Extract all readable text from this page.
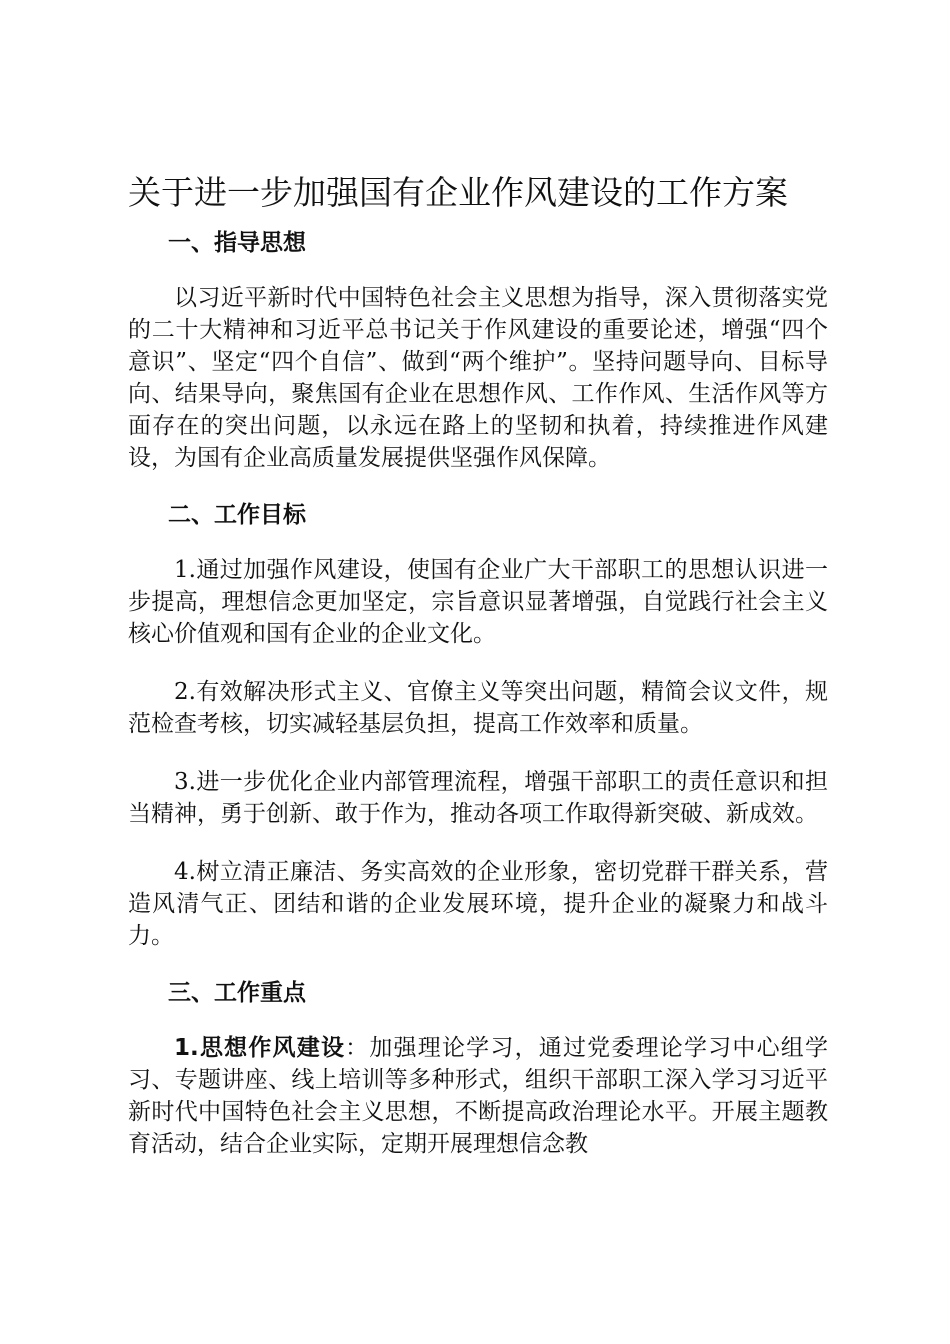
关于进一步加强国有企业作风建设的工作方案
一、指导思想

以习近平新时代中国特色社会主义思想为指导，深入贯彻落实党的二十大精神和习近平总书记关于作风建设的重要论述，增强“四个意识”、坚定“四个自信”、做到“两个维护”。坚持问题导向、目标导向、结果导向，聚焦国有企业在思想作风、工作作风、生活作风等方面存在的突出问题，以永远在路上的坚韧和执着，持续推进作风建设，为国有企业高质量发展提供坚强作风保障。

二、工作目标

1.通过加强作风建设，使国有企业广大干部职工的思想认识进一步提高，理想信念更加坚定，宗旨意识显著增强，自觉践行社会主义核心价值观和国有企业的企业文化。

2.有效解决形式主义、官僚主义等突出问题，精简会议文件，规范检查考核，切实减轻基层负担，提高工作效率和质量。

3.进一步优化企业内部管理流程，增强干部职工的责任意识和担当精神，勇于创新、敢于作为，推动各项工作取得新突破、新成效。

4.树立清正廉洁、务实高效的企业形象，密切党群干群关系，营造风清气正、团结和谐的企业发展环境，提升企业的凝聚力和战斗力。

三、工作重点

1.思想作风建设：加强理论学习，通过党委理论学习中心组学习、专题讲座、线上培训等多种形式，组织干部职工深入学习习近平新时代中国特色社会主义思想，不断提高政治理论水平。开展主题教育活动，结合企业实际，定期开展理想信念教
